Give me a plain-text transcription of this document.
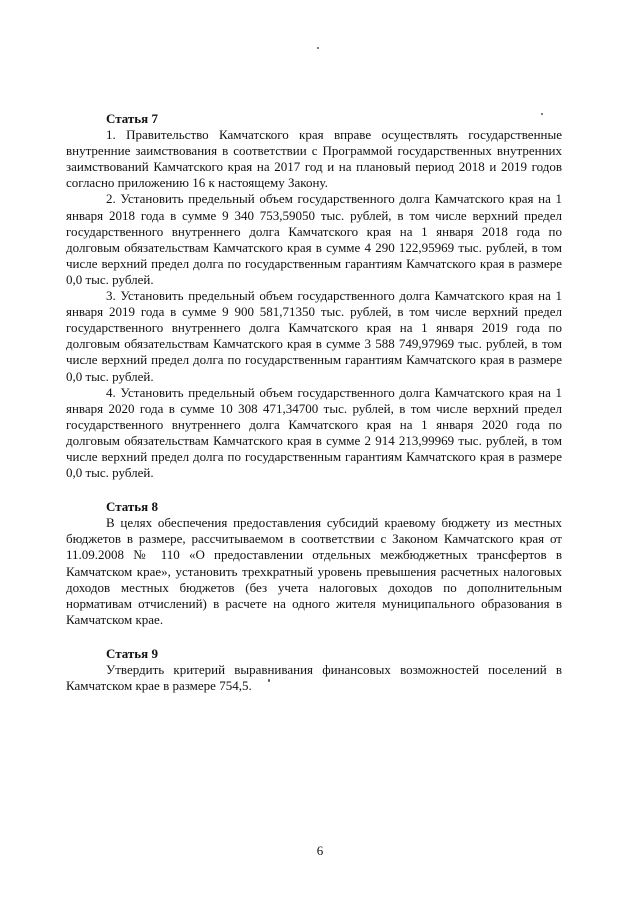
Статья 7

1. Правительство Камчатского края вправе осуществлять государственные внутренние заимствования в соответствии с Программой государственных внутренних заимствований Камчатского края на 2017 год и на плановый период 2018 и 2019 годов согласно приложению 16 к настоящему Закону.

2. Установить предельный объем государственного долга Камчатского края на 1 января 2018 года в сумме 9 340 753,59050 тыс. рублей, в том числе верхний предел государственного внутреннего долга Камчатского края на 1 января 2018 года по долговым обязательствам Камчатского края в сумме 4 290 122,95969 тыс. рублей, в том числе верхний предел долга по государственным гарантиям Камчатского края в размере 0,0 тыс. рублей.

3. Установить предельный объем государственного долга Камчатского края на 1 января 2019 года в сумме 9 900 581,71350 тыс. рублей, в том числе верхний предел государственного внутреннего долга Камчатского края на 1 января 2019 года по долговым обязательствам Камчатского края в сумме 3 588 749,97969 тыс. рублей, в том числе верхний предел долга по государственным гарантиям Камчатского края в размере 0,0 тыс. рублей.

4. Установить предельный объем государственного долга Камчатского края на 1 января 2020 года в сумме 10 308 471,34700 тыс. рублей, в том числе верхний предел государственного внутреннего долга Камчатского края на 1 января 2020 года по долговым обязательствам Камчатского края в сумме 2 914 213,99969 тыс. рублей, в том числе верхний предел долга по государственным гарантиям Камчатского края в размере 0,0 тыс. рублей.

Статья 8

В целях обеспечения предоставления субсидий краевому бюджету из местных бюджетов в размере, рассчитываемом в соответствии с Законом Камчатского края от 11.09.2008 № 110 «О предоставлении отдельных межбюджетных трансфертов в Камчатском крае», установить трехкратный уровень превышения расчетных налоговых доходов местных бюджетов (без учета налоговых доходов по дополнительным нормативам отчислений) в расчете на одного жителя муниципального образования в Камчатском крае.

Статья 9

Утвердить критерий выравнивания финансовых возможностей поселений в Камчатском крае в размере 754,5.

6
